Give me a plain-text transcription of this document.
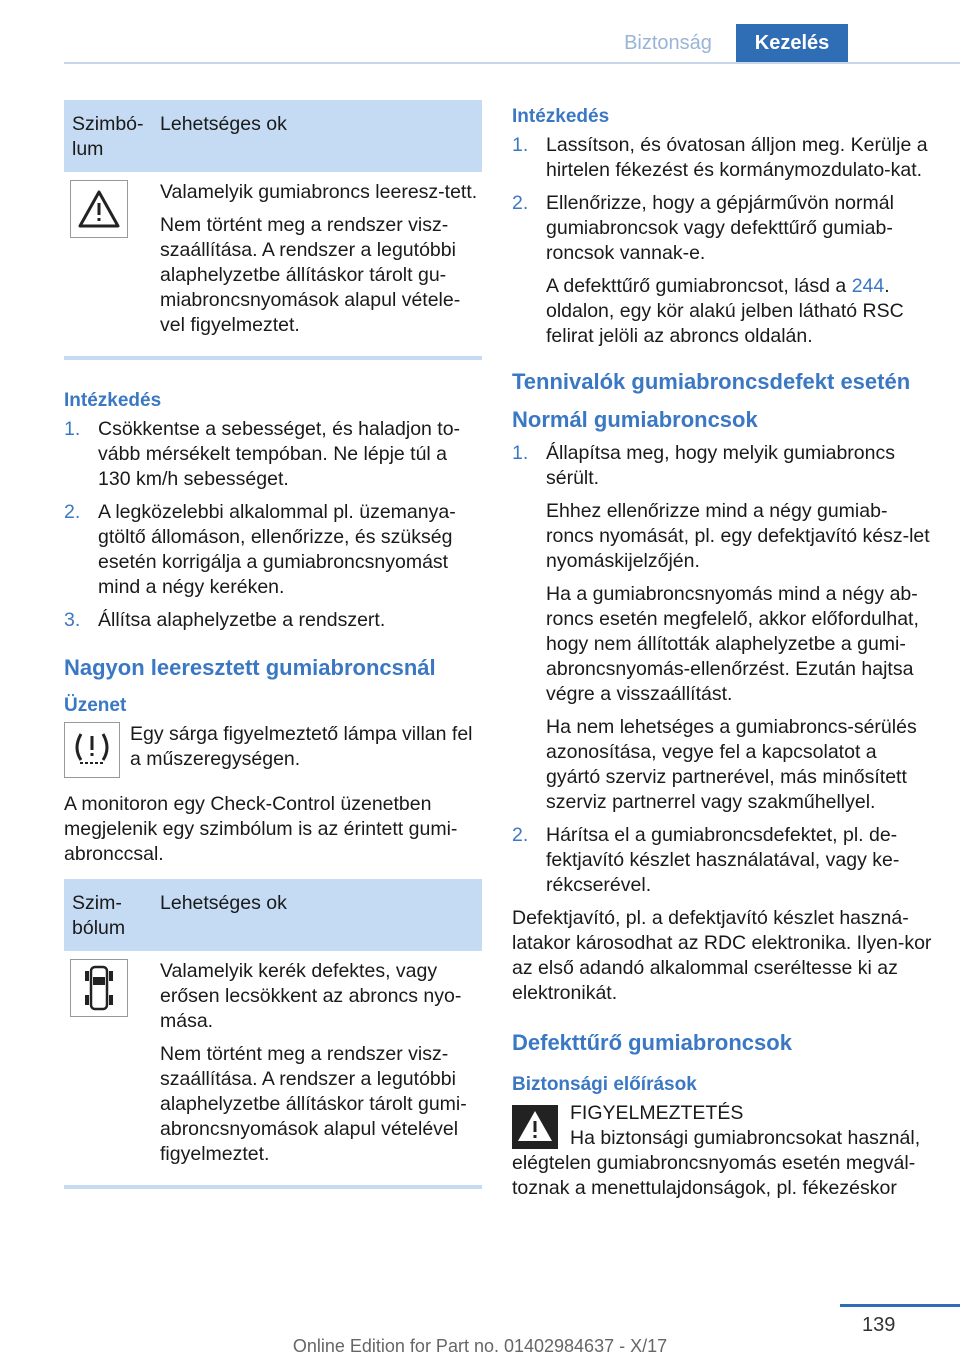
Biztonság	Kezelés
Szimbó-lum
Lehetséges ok

Valamelyik gumiabroncs leeresz-tett.

Nem történt meg a rendszer visz-szaállítása. A rendszer a legutóbbi alaphelyzetbe állításkor tárolt gu-miabroncsnyomások alapul vétele-vel figyelmeztet.

Intézkedés
1. Csökkentse a sebességet, és haladjon to-vább mérsékelt tempóban. Ne lépje túl a 130 km/h sebességet.
2. A legközelebbi alkalommal pl. üzemanya-gtöltő állomáson, ellenőrizze, és szükség esetén korrigálja a gumiabroncsnyomást mind a négy keréken.
3. Állítsa alaphelyzetbe a rendszert.
Nagyon leeresztett gumiabroncsnál
Üzenet
Egy sárga figyelmeztető lámpa villan fel a műszeregységen.
A monitoron egy Check-Control üzenetben megjelenik egy szimbólum is az érintett gumi-abronccsal.
Szim-bólum
Lehetséges ok

Valamelyik kerék defektes, vagy erősen lecsökkent az abroncs nyo-mása.

Nem történt meg a rendszer visz-szaállítása. A rendszer a legutóbbi alaphelyzetbe állításkor tárolt gumi-abroncsnyomások alapul vételével figyelmeztet.

Intézkedés
1. Lassítson, és óvatosan álljon meg. Kerülje a hirtelen fékezést és kormánymozdulato-kat.
2. Ellenőrizze, hogy a gépjárművön normál gumiabroncsok vagy defekttűrő gumiab-roncsok vannak-e.

A defekttűrő gumiabroncsot, lásd a 244. oldalon, egy kör alakú jelben látható RSC felirat jelöli az abroncs oldalán.

Tennivalók gumiabroncsdefekt esetén
Normál gumiabroncsok
1. Állapítsa meg, hogy melyik gumiabroncs sérült.

Ehhez ellenőrizze mind a négy gumiab-roncs nyomását, pl. egy defektjavító kész-let nyomáskijelzőjén.

Ha a gumiabroncsnyomás mind a négy ab-roncs esetén megfelelő, akkor előfordulhat, hogy nem állították alaphelyzetbe a gumi-abroncsnyomás-ellenőrzést. Ezután hajtsa végre a visszaállítást.

Ha nem lehetséges a gumiabroncs-sérülés azonosítása, vegye fel a kapcsolatot a gyártó szerviz partnerével, más minősített szerviz partnerrel vagy szakműhellyel.

2. Hárítsa el a gumiabroncsdefektet, pl. de-fektjavító készlet használatával, vagy ke-rékcserével.
Defektjavító, pl. a defektjavító készlet haszná-latakor károsodhat az RDC elektronika. Ilyen-kor az első adandó alkalommal cseréltesse ki az elektronikát.
Defekttűrő gumiabroncsok
Biztonsági előírások
FIGYELMEZTETÉS
Ha biztonsági gumiabroncsokat használ, elégtelen gumiabroncsnyomás esetén megvál-toznak a menettulajdonságok, pl. fékezéskor
139
Online Edition for Part no. 01402984637 - X/17
